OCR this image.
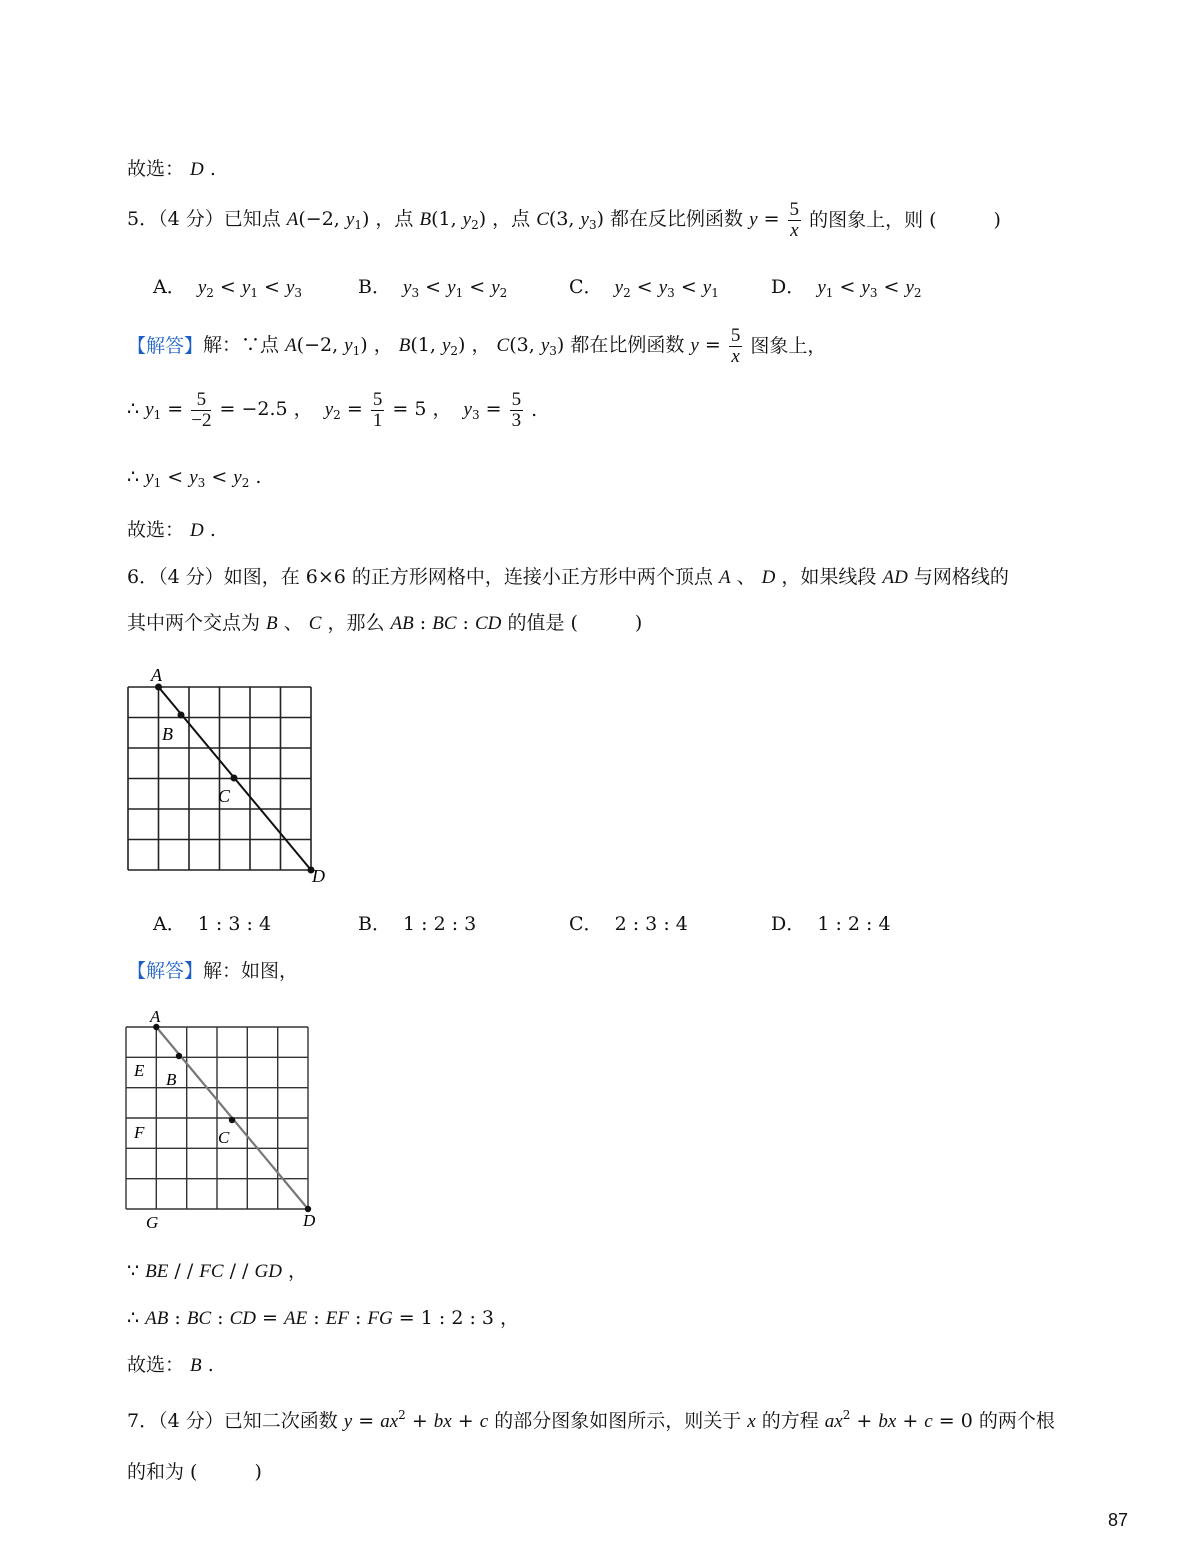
故选： D .
5．（4 分）已知点 A(−2, $y_1$) ，点 B(1, $y_2$) ，点 C(3, $y_3$) 都在反比例函数 $y = \frac{5}{x}$ 的图象上，则 (　　　)
A．  $y_2 < y_1 < y_3$	B．  $y_3 < y_1 < y_2$	C．  $y_2 < y_3 < y_1$	D．  $y_1 < y_3 < y_2$
【解答】解：∵点 A(−2, $y_1$) ， B(1, $y_2$) ， C(3, $y_3$) 都在比例函数 $y = \frac{5}{x}$ 图象上，
∴ $y_1 = \frac{5}{-2} = -2.5$ ，  $y_2 = \frac{5}{1} = 5$ ，  $y_3 = \frac{5}{3}$ .
∴ $y_1 < y_3 < y_2$ .
故选： D .
6．（4 分）如图，在 6×6 的正方形网格中，连接小正方形中两个顶点 A 、 D ，如果线段 AD 与网格线的
其中两个交点为 B 、 C ，那么 AB : BC : CD 的值是 (　　　)
A
B
C
D
A．  1 : 3 : 4	B．  1 : 2 : 3	C．  2 : 3 : 4	D．  1 : 2 : 4
【解答】解：如图，
A
B
C
D
E
F
G
∵ BE / / FC / / GD ，
∴ AB : BC : CD = AE : EF : FG = 1 : 2 : 3 ，
故选： B .
7．（4 分）已知二次函数 $y = ax^2$ + bx + c 的部分图象如图所示，则关于 x 的方程 $ax^2$ + bx + c = 0 的两个根
的和为 (　　　)
87
